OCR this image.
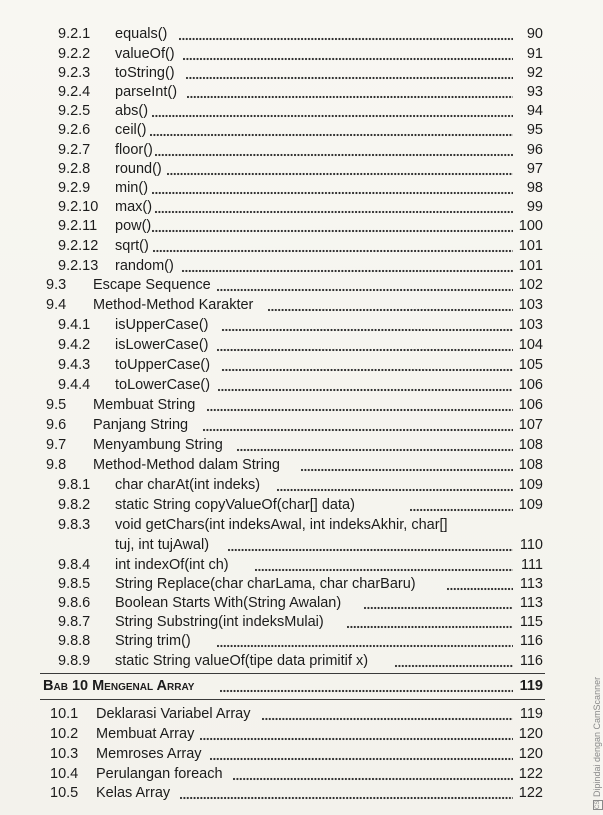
9.2.1 equals()	90
9.2.2 valueOf()	91
9.2.3 toString()	92
9.2.4 parseInt()	93
9.2.5 abs()	94
9.2.6 ceil()	95
9.2.7 floor()	96
9.2.8 round()	97
9.2.9 min()	98
9.2.10 max()	99
9.2.11 pow()	100
9.2.12 sqrt()	101
9.2.13 random()	101
9.3 Escape Sequence	102
9.4 Method-Method Karakter	103
9.4.1 isUpperCase()	103
9.4.2 isLowerCase()	104
9.4.3 toUpperCase()	105
9.4.4 toLowerCase()	106
9.5 Membuat String	106
9.6 Panjang String	107
9.7 Menyambung String	108
9.8 Method-Method dalam String	108
9.8.1 char charAt(int indeks)	109
9.8.2 static String copyValueOf(char[] data)	109
9.8.3 void getChars(int indeksAwal, int indeksAkhir, char[]
tuj, int tujAwal)	110
9.8.4 int indexOf(int ch)	111
9.8.5 String Replace(char charLama, char charBaru)	113
9.8.6 Boolean Starts With(String Awalan)	113
9.8.7 String Substring(int indeksMulai)	115
9.8.8 String trim()	116
9.8.9 static String valueOf(tipe data primitif x)	116
Bab 10 Mengenal Array	119
10.1 Deklarasi Variabel Array	119
10.2 Membuat Array	120
10.3 Memroses Array	120
10.4 Perulangan foreach	122
10.5 Kelas Array	122
CSDipindai dengan CamScanner
